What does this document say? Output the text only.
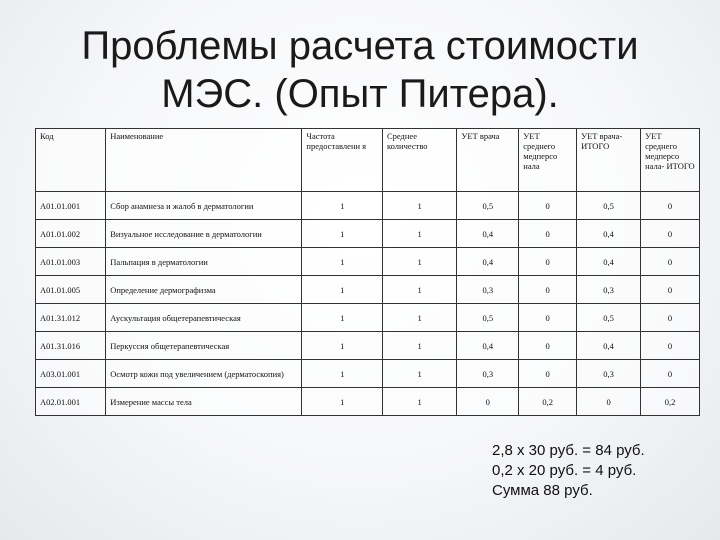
Проблемы расчета стоимости
МЭС. (Опыт Питера).
Код	Наименование	Частота предоставлени я	Среднее количество	УЕТ врача	УЕТ среднего медперсо нала	УЕТ врача- ИТОГО	УЕТ среднего медперсо нала- ИТОГО
A01.01.001	Сбор анамнеза и жалоб в дерматологии	1	1	0,5	0	0,5	0
A01.01.002	Визуальное исследование в дерматологии	1	1	0,4	0	0,4	0
A01.01.003	Пальпация в дерматологии	1	1	0,4	0	0,4	0
A01.01.005	Определение дермографизма	1	1	0,3	0	0,3	0
A01.31.012	Аускультация общетерапевтическая	1	1	0,5	0	0,5	0
A01.31.016	Перкуссия общетерапевтическая	1	1	0,4	0	0,4	0
A03.01.001	Осмотр кожи под увеличением (дерматоскопия)	1	1	0,3	0	0,3	0
A02.01.001	Измерение массы тела	1	1	0	0,2	0	0,2
2,8 х 30 руб. = 84 руб.
0,2 х 20 руб. = 4 руб.
Сумма 88 руб.
